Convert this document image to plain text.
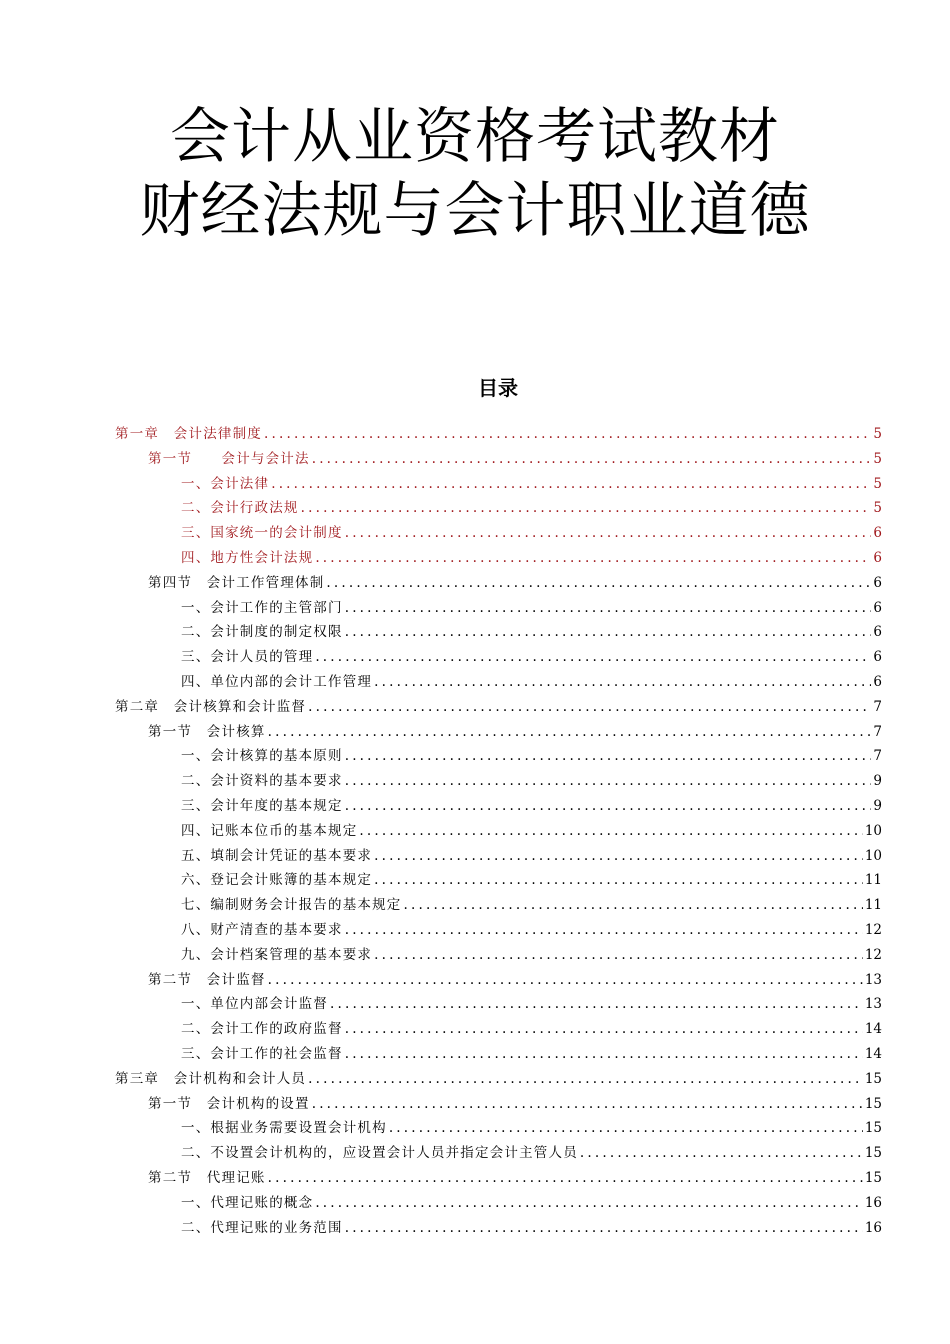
会计从业资格考试教材
财经法规与会计职业道德
目录
第一章　会计法律制度 .....	5
第一节　　会计与会计法 .....	5
一、会计法律 .....	5
二、会计行政法规 .....	5
三、国家统一的会计制度 .....	6
四、地方性会计法规 .....	6
第四节　会计工作管理体制 .....	6
一、会计工作的主管部门 .....	6
二、会计制度的制定权限 .....	6
三、会计人员的管理 .....	6
四、单位内部的会计工作管理 .....	6
第二章　会计核算和会计监督 .....	7
第一节　会计核算 .....	7
一、会计核算的基本原则 .....	7
二、会计资料的基本要求 .....	9
三、会计年度的基本规定 .....	9
四、记账本位币的基本规定 .....	10
五、填制会计凭证的基本要求 .....	10
六、登记会计账簿的基本规定 .....	11
七、编制财务会计报告的基本规定 .....	11
八、财产清查的基本要求 .....	12
九、会计档案管理的基本要求 .....	12
第二节　会计监督 .....	13
一、单位内部会计监督 .....	13
二、会计工作的政府监督 .....	14
三、会计工作的社会监督 .....	14
第三章　会计机构和会计人员 .....	15
第一节　会计机构的设置 .....	15
一、根据业务需要设置会计机构 .....	15
二、不设置会计机构的，应设置会计人员并指定会计主管人员 .....	15
第二节　代理记账 .....	15
一、代理记账的概念 .....	16
二、代理记账的业务范围 .....	16
